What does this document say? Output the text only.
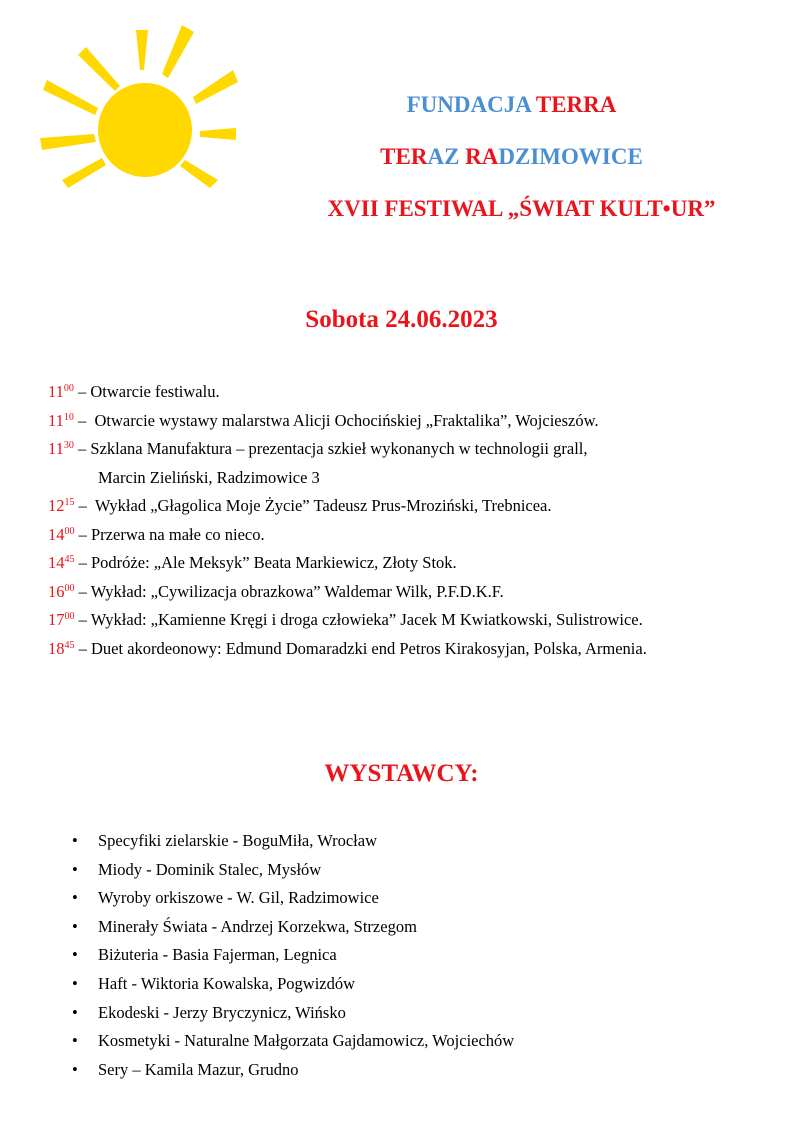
FUNDACJA TERRA
TERAZ RADZIMOWICE
XVII FESTIWAL „ŚWIAT KULT•UR”
Sobota 24.06.2023
$11^{00}$ – Otwarcie festiwalu.
$11^{10}$ –  Otwarcie wystawy malarstwa Alicji Ochocińskiej „Fraktalika”, Wojcieszów.
$11^{30}$ – Szklana Manufaktura – prezentacja szkieł wykonanych w technologii grall,
Marcin Zieliński, Radzimowice 3
$12^{15}$ –  Wykład „Głagolica Moje Życie” Tadeusz Prus-Mroziński, Trebnicea.
$14^{00}$ – Przerwa na małe co nieco.
$14^{45}$ – Podróże: „Ale Meksyk” Beata Markiewicz, Złoty Stok.
$16^{00}$ – Wykład: „Cywilizacja obrazkowa” Waldemar Wilk, P.F.D.K.F.
$17^{00}$ – Wykład: „Kamienne Kręgi i droga człowieka” Jacek M Kwiatkowski, Sulistrowice.
$18^{45}$ – Duet akordeonowy: Edmund Domaradzki end Petros Kirakosyjan, Polska, Armenia.
WYSTAWCY:
• Specyfiki zielarskie - BoguMiła, Wrocław
• Miody - Dominik Stalec, Mysłów
• Wyroby orkiszowe - W. Gil, Radzimowice
• Minerały Świata - Andrzej Korzekwa, Strzegom
• Biżuteria - Basia Fajerman, Legnica
• Haft - Wiktoria Kowalska, Pogwizdów
• Ekodeski - Jerzy Bryczynicz, Wińsko
• Kosmetyki - Naturalne Małgorzata Gajdamowicz, Wojciechów
• Sery – Kamila Mazur, Grudno
